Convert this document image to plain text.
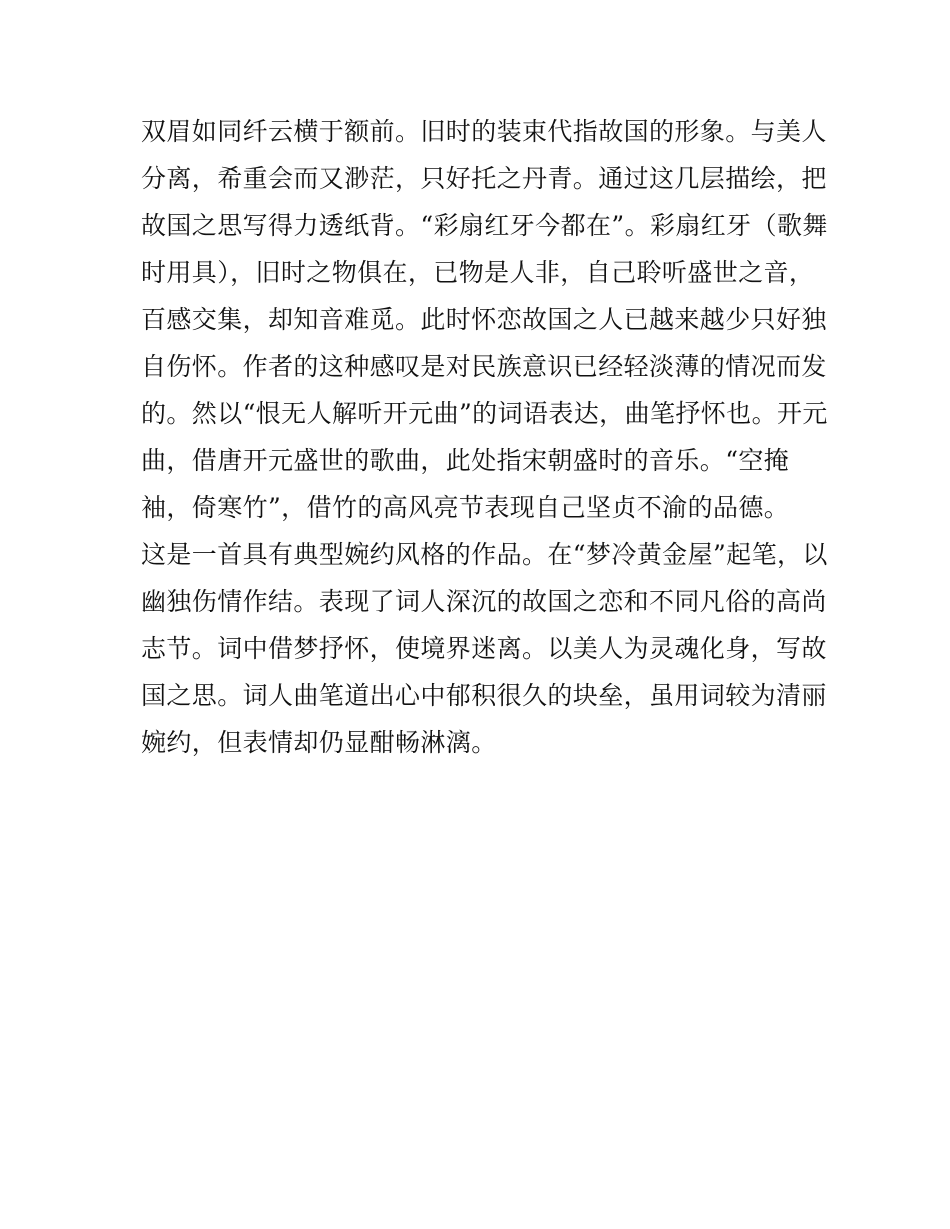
双眉如同纤云横于额前。旧时的装束代指故国的形象。与美人
分离，希重会而又渺茫，只好托之丹青。通过这几层描绘，把
故国之思写得力透纸背。“彩扇红牙今都在”。彩扇红牙（歌舞
时用具），旧时之物俱在，已物是人非，自己聆听盛世之音，
百感交集，却知音难觅。此时怀恋故国之人已越来越少只好独
自伤怀。作者的这种感叹是对民族意识已经轻淡薄的情况而发
的。然以“恨无人解听开元曲”的词语表达，曲笔抒怀也。开元
曲，借唐开元盛世的歌曲，此处指宋朝盛时的音乐。“空掩
袖，倚寒竹”，借竹的高风亮节表现自己坚贞不渝的品德。
这是一首具有典型婉约风格的作品。在“梦冷黄金屋”起笔，以
幽独伤情作结。表现了词人深沉的故国之恋和不同凡俗的高尚
志节。词中借梦抒怀，使境界迷离。以美人为灵魂化身，写故
国之思。词人曲笔道出心中郁积很久的块垒，虽用词较为清丽
婉约，但表情却仍显酣畅淋漓。
